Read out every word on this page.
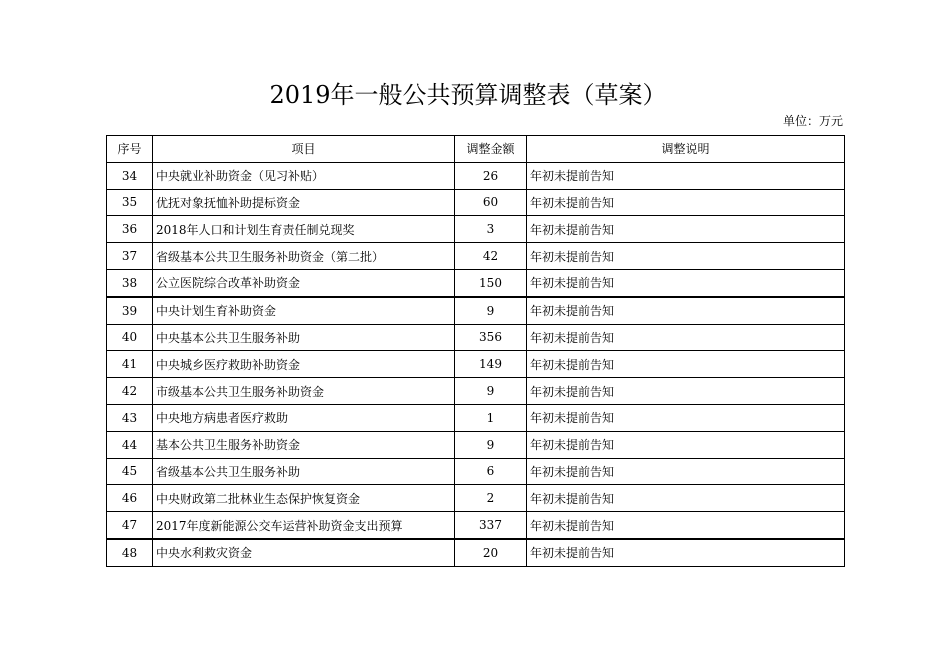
2019年一般公共预算调整表（草案）
单位：万元
序号	项目	调整金额	调整说明
34	中央就业补助资金（见习补贴）	26	年初未提前告知
35	优抚对象抚恤补助提标资金	60	年初未提前告知
36	2018年人口和计划生育责任制兑现奖	3	年初未提前告知
37	省级基本公共卫生服务补助资金（第二批）	42	年初未提前告知
38	公立医院综合改革补助资金	150	年初未提前告知
39	中央计划生育补助资金	9	年初未提前告知
40	中央基本公共卫生服务补助	356	年初未提前告知
41	中央城乡医疗救助补助资金	149	年初未提前告知
42	市级基本公共卫生服务补助资金	9	年初未提前告知
43	中央地方病患者医疗救助	1	年初未提前告知
44	基本公共卫生服务补助资金	9	年初未提前告知
45	省级基本公共卫生服务补助	6	年初未提前告知
46	中央财政第二批林业生态保护恢复资金	2	年初未提前告知
47	2017年度新能源公交车运营补助资金支出预算	337	年初未提前告知
48	中央水利救灾资金	20	年初未提前告知
